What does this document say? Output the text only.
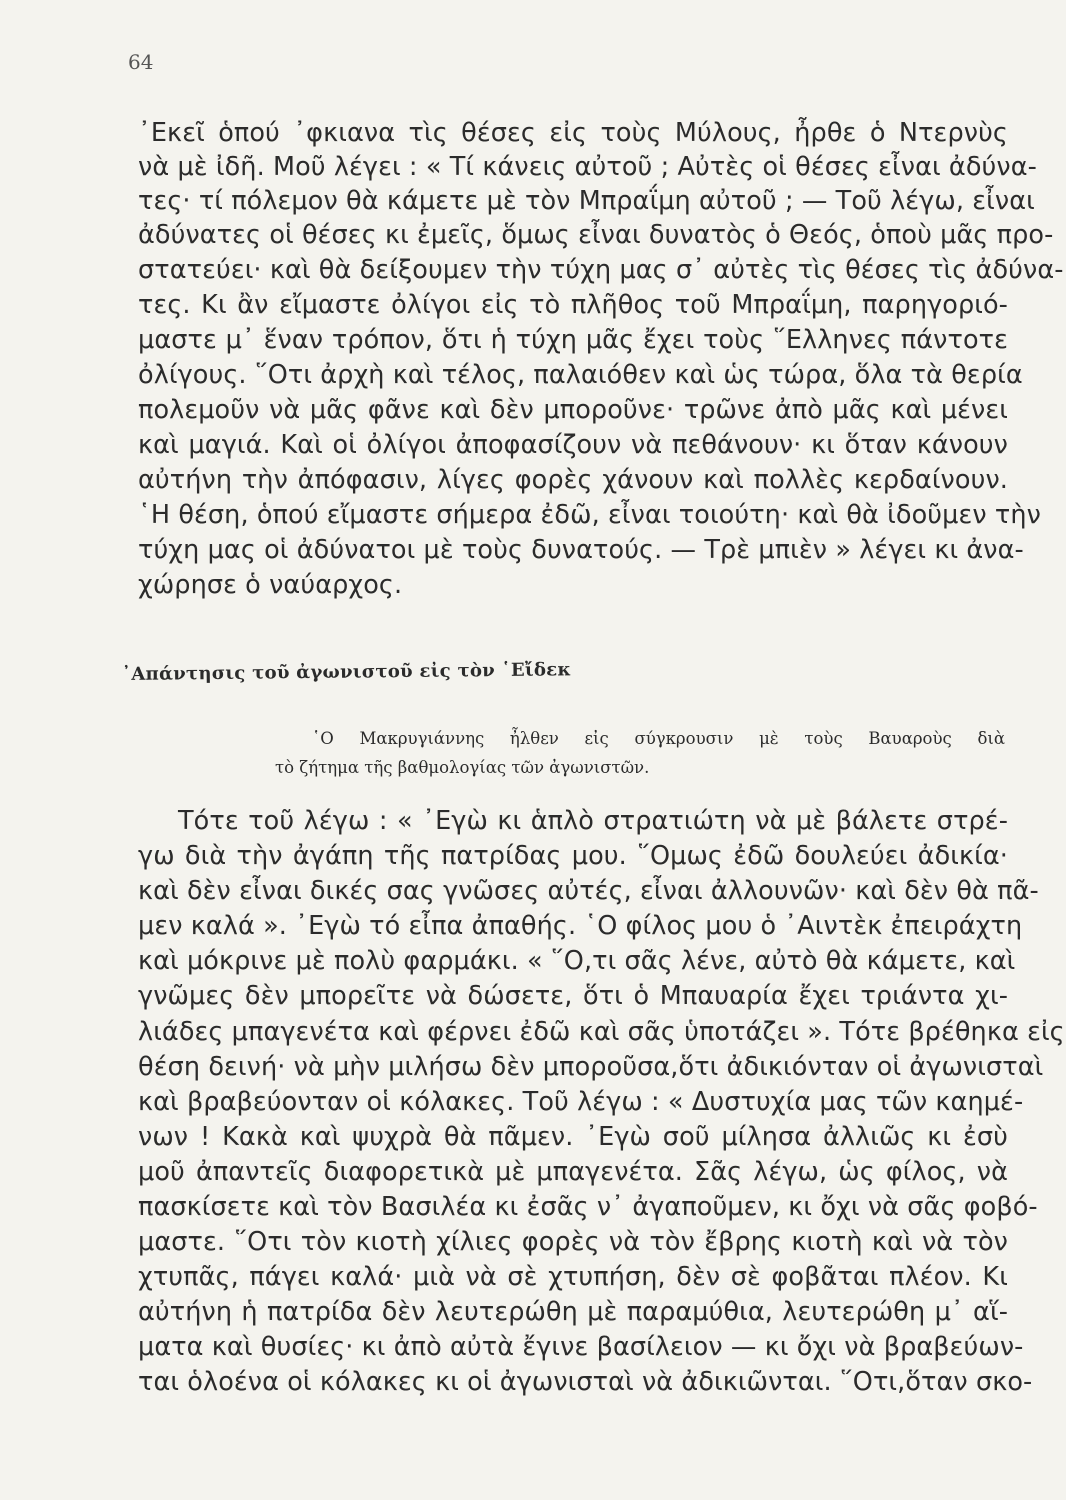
64
᾿Εκεῖ ὁπού ᾿φκιανα τὶς θέσες εἰς τοὺς Μύλους, ἦρθε ὁ Ντερνὺς
νὰ μὲ ἰδῆ. Μοῦ λέγει : « Τί κάνεις αὐτοῦ ; Αὐτὲς οἱ θέσες εἶναι ἀδύνα-
τες· τί πόλεμον θὰ κάμετε μὲ τὸν Μπραΐμη αὐτοῦ ; — Τοῦ λέγω, εἶναι
ἀδύνατες οἱ θέσες κι ἐμεῖς, ὅμως εἶναι δυνατὸς ὁ Θεός, ὁποὺ μᾶς προ-
στατεύει· καὶ θὰ δείξουμεν τὴν τύχη μας σ᾿ αὐτὲς τὶς θέσες τὶς ἀδύνα-
τες. Κι ἂν εἴμαστε ὀλίγοι εἰς τὸ πλῆθος τοῦ Μπραΐμη, παρηγοριό-
μαστε μ᾿ ἕναν τρόπον, ὅτι ἡ τύχη μᾶς ἔχει τοὺς ῞Ελληνες πάντοτε
ὀλίγους. ῞Οτι ἀρχὴ καὶ τέλος, παλαιόθεν καὶ ὡς τώρα, ὅλα τὰ θερία
πολεμοῦν νὰ μᾶς φᾶνε καὶ δὲν μποροῦνε· τρῶνε ἀπὸ μᾶς καὶ μένει
καὶ μαγιά. Καὶ οἱ ὀλίγοι ἀποφασίζουν νὰ πεθάνουν· κι ὅταν κάνουν
αὐτήνη τὴν ἀπόφασιν, λίγες φορὲς χάνουν καὶ πολλὲς κερδαίνουν.
῾Η θέση, ὁπού εἴμαστε σήμερα ἐδῶ, εἶναι τοιούτη· καὶ θὰ ἰδοῦμεν τὴν
τύχη μας οἱ ἀδύνατοι μὲ τοὺς δυνατούς. — Τρὲ μπιὲν » λέγει κι ἀνα-
χώρησε ὁ ναύαρχος.
᾿Απάντησις τοῦ ἀγωνιστοῦ εἰς τὸν ῾Εἴδεκ
῾Ο Μακρυγιάννης ἦλθεν εἰς σύγκρουσιν μὲ τοὺς Βαυαροὺς διὰ
τὸ ζήτημα τῆς βαθμολογίας τῶν ἀγωνιστῶν.
Τότε τοῦ λέγω : « ᾿Εγὼ κι ἁπλὸ στρατιώτη νὰ μὲ βάλετε στρέ-
γω διὰ τὴν ἀγάπη τῆς πατρίδας μου. ῞Ομως ἐδῶ δουλεύει ἀδικία·
καὶ δὲν εἶναι δικές σας γνῶσες αὐτές, εἶναι ἀλλουνῶν· καὶ δὲν θὰ πᾶ-
μεν καλά ». ᾿Εγὼ τό εἶπα ἀπαθής. ῾Ο φίλος μου ὁ ᾿Αιντὲκ ἐπειράχτη
καὶ μόκρινε μὲ πολὺ φαρμάκι. « ῞Ο,τι σᾶς λένε, αὐτὸ θὰ κάμετε, καὶ
γνῶμες δὲν μπορεῖτε νὰ δώσετε, ὅτι ὁ Μπαυαρία ἔχει τριάντα χι-
λιάδες μπαγενέτα καὶ φέρνει ἐδῶ καὶ σᾶς ὑποτάζει ». Τότε βρέθηκα εἰς
θέση δεινή· νὰ μὴν μιλήσω δὲν μποροῦσα,ὅτι ἀδικιόνταν οἱ ἀγωνισταὶ
καὶ βραβεύονταν οἱ κόλακες. Τοῦ λέγω : « Δυστυχία μας τῶν καημέ-
νων ! Κακὰ καὶ ψυχρὰ θὰ πᾶμεν. ᾿Εγὼ σοῦ μίλησα ἀλλιῶς κι ἐσὺ
μοῦ ἀπαντεῖς διαφορετικὰ μὲ μπαγενέτα. Σᾶς λέγω, ὡς φίλος, νὰ
πασκίσετε καὶ τὸν Βασιλέα κι ἐσᾶς ν᾿ ἀγαποῦμεν, κι ὄχι νὰ σᾶς φοβό-
μαστε. ῞Οτι τὸν κιοτὴ χίλιες φορὲς νὰ τὸν ἔβρης κιοτὴ καὶ νὰ τὸν
χτυπᾶς, πάγει καλά· μιὰ νὰ σὲ χτυπήση, δὲν σὲ φοβᾶται πλέον. Κι
αὐτήνη ἡ πατρίδα δὲν λευτερώθη μὲ παραμύθια, λευτερώθη μ᾿ αἵ-
ματα καὶ θυσίες· κι ἀπὸ αὐτὰ ἔγινε βασίλειον — κι ὄχι νὰ βραβεύων-
ται ὁλοένα οἱ κόλακες κι οἱ ἀγωνισταὶ νὰ ἀδικιῶνται. ῞Οτι,ὅταν σκο-
